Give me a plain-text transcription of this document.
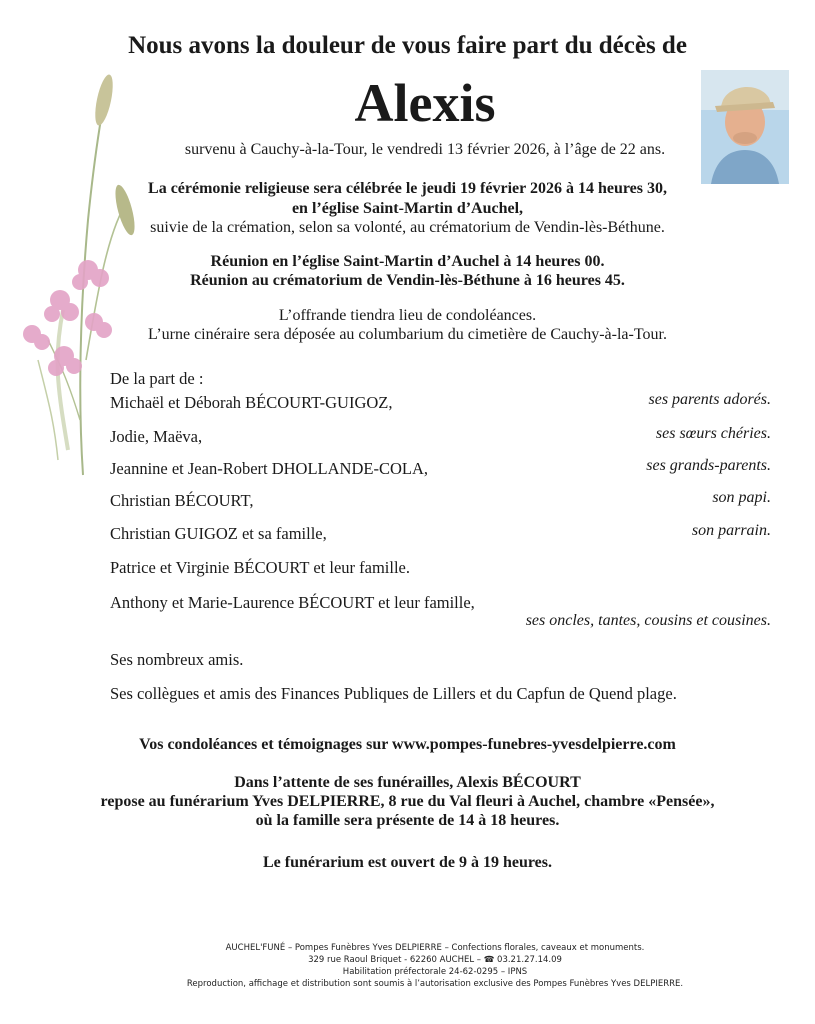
Nous avons la douleur de vous faire part du décès de
Alexis
survenu à Cauchy-à-la-Tour, le vendredi 13 février 2026, à l’âge de 22 ans.
La cérémonie religieuse sera célébrée le jeudi 19 février 2026 à 14 heures 30,
en l’église Saint-Martin d’Auchel,
suivie de la crémation, selon sa volonté, au crématorium de Vendin-lès-Béthune.
Réunion en l’église Saint-Martin d’Auchel à 14 heures 00.
Réunion au crématorium de Vendin-lès-Béthune à 16 heures 45.
L’offrande tiendra lieu de condoléances.
L’urne cinéraire sera déposée au columbarium du cimetière de Cauchy-à-la-Tour.
De la part de :
Michaël et Déborah BÉCOURT-GUIGOZ,	ses parents adorés.
Jodie, Maëva,	ses sœurs chéries.
Jeannine et Jean-Robert DHOLLANDE-COLA,	ses grands-parents.
Christian BÉCOURT,	son papi.
Christian GUIGOZ et sa famille,	son parrain.
Patrice et Virginie BÉCOURT et leur famille.
Anthony et Marie-Laurence BÉCOURT et leur famille,
ses oncles, tantes, cousins et cousines.
Ses nombreux amis.
Ses collègues et amis des Finances Publiques de Lillers et du Capfun de Quend plage.
Vos condoléances et témoignages sur www.pompes-funebres-yvesdelpierre.com
Dans l’attente de ses funérailles, Alexis BÉCOURT
repose au funérarium Yves DELPIERRE, 8 rue du Val fleuri à Auchel, chambre «Pensée»,
où la famille sera présente de 14 à 18 heures.
Le funérarium est ouvert de 9 à 19 heures.
AUCHEL'FUNÉ – Pompes Funèbres Yves DELPIERRE – Confections florales, caveaux et monuments.
329 rue Raoul Briquet - 62260 AUCHEL – ☎ 03.21.27.14.09
Habilitation préfectorale 24-62-0295 – IPNS
Reproduction, affichage et distribution sont soumis à l’autorisation exclusive des Pompes Funèbres Yves DELPIERRE.
